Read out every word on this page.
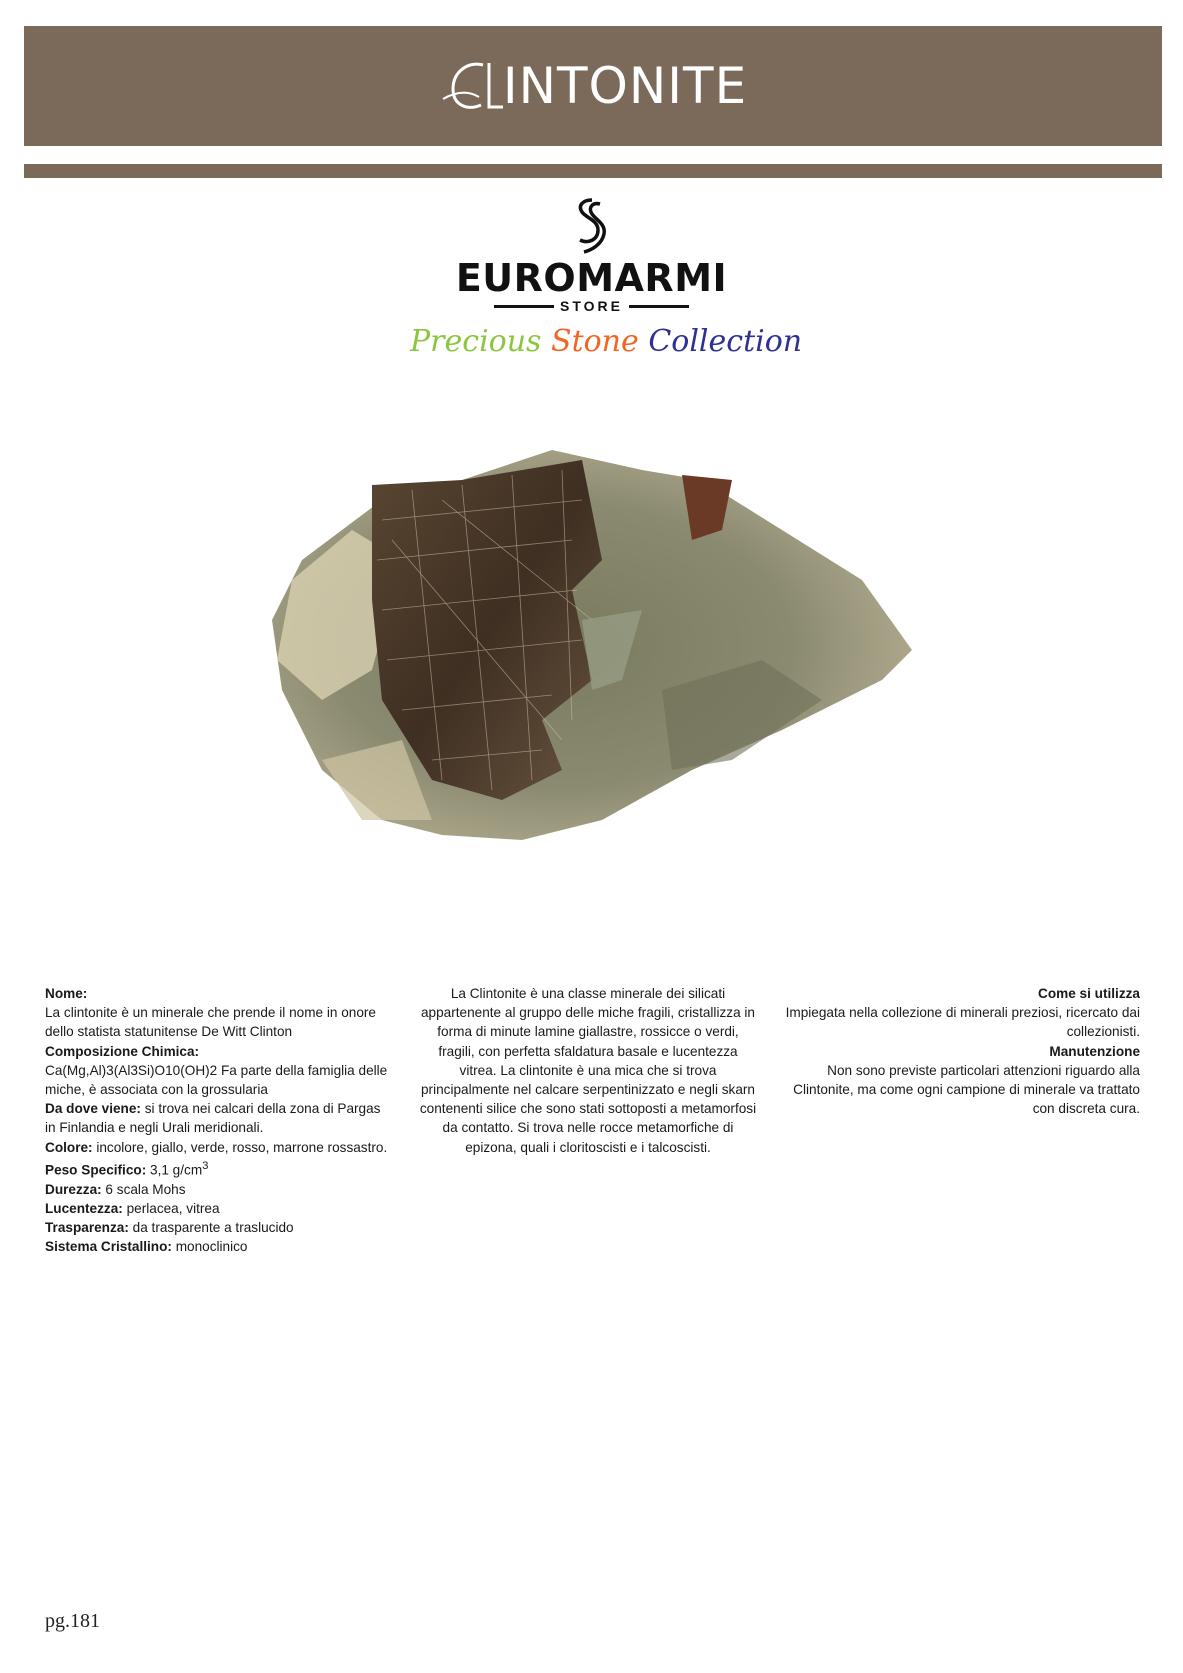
INTONITE
EUROMARMI
STORE
Precious Stone Collection

Nome:

La clintonite è un minerale che prende il nome in onore dello statista statunitense De Witt Clinton

Composizione Chimica:

Ca(Mg,Al)3(Al3Si)O10(OH)2 Fa parte della famiglia delle miche, è associata con la grossularia

Da dove viene: si trova nei calcari della zona di Pargas in Finlandia e negli Urali meridionali.

Colore: incolore, giallo, verde, rosso, marrone rossastro.

Peso Specifico: 3,1 $g/cm^3$

Durezza: 6 scala Mohs

Lucentezza: perlacea, vitrea

Trasparenza: da trasparente a traslucido

Sistema Cristallino: monoclinico

La Clintonite è una classe minerale dei silicati appartenente al gruppo delle miche fragili, cristallizza in forma di minute lamine giallastre, rossicce o verdi, fragili, con perfetta sfaldatura basale e lucentezza vitrea. La clintonite è una mica che si trova principalmente nel calcare serpentinizzato e negli skarn contenenti silice che sono stati sottoposti a metamorfosi da contatto. Si trova nelle rocce metamorfiche di epizona, quali i cloritoscisti e i talcoscisti.

Come si utilizza

Impiegata nella collezione di minerali preziosi, ricercato dai collezionisti.

Manutenzione

Non sono previste particolari attenzioni riguardo alla Clintonite, ma come ogni campione di minerale va trattato con discreta cura.

pg.181
